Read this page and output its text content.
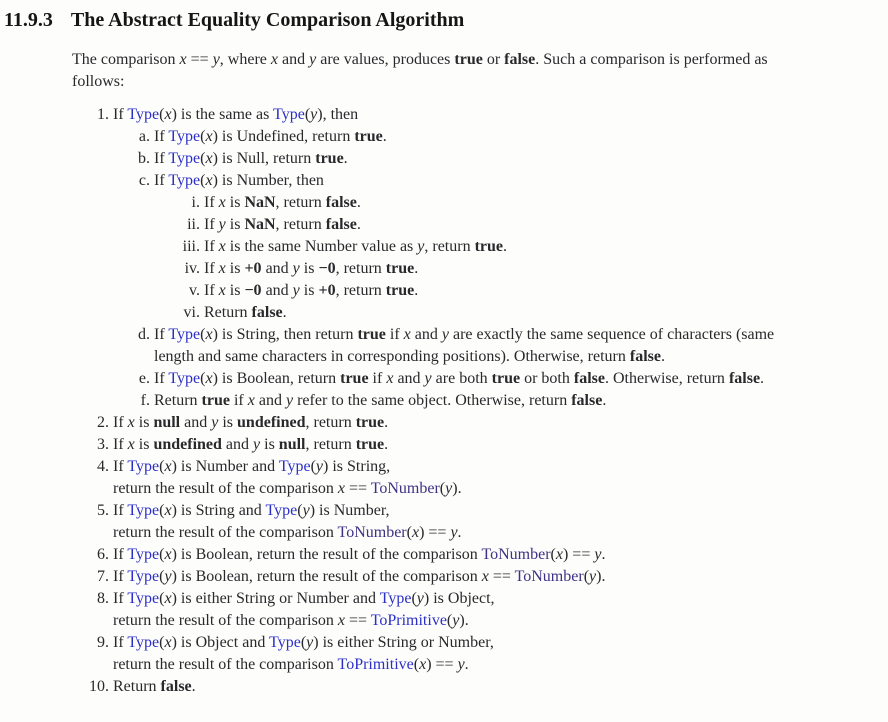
11.9.3 The Abstract Equality Comparison Algorithm

The comparison x == y, where x and y are values, produces true or false. Such a comparison is performed as
follows:

1. If Type(x) is the same as Type(y), then
a. If Type(x) is Undefined, return true.
b. If Type(x) is Null, return true.
c. If Type(x) is Number, then
i. If x is NaN, return false.
ii. If y is NaN, return false.
iii. If x is the same Number value as y, return true.
iv. If x is +0 and y is −0, return true.
v. If x is −0 and y is +0, return true.
vi. Return false.
d. If Type(x) is String, then return true if x and y are exactly the same sequence of characters (same
length and same characters in corresponding positions). Otherwise, return false.
e. If Type(x) is Boolean, return true if x and y are both true or both false. Otherwise, return false.
f. Return true if x and y refer to the same object. Otherwise, return false.
2. If x is null and y is undefined, return true.
3. If x is undefined and y is null, return true.
4. If Type(x) is Number and Type(y) is String,
return the result of the comparison x == ToNumber(y).
5. If Type(x) is String and Type(y) is Number,
return the result of the comparison ToNumber(x) == y.
6. If Type(x) is Boolean, return the result of the comparison ToNumber(x) == y.
7. If Type(y) is Boolean, return the result of the comparison x == ToNumber(y).
8. If Type(x) is either String or Number and Type(y) is Object,
return the result of the comparison x == ToPrimitive(y).
9. If Type(x) is Object and Type(y) is either String or Number,
return the result of the comparison ToPrimitive(x) == y.
10. Return false.
